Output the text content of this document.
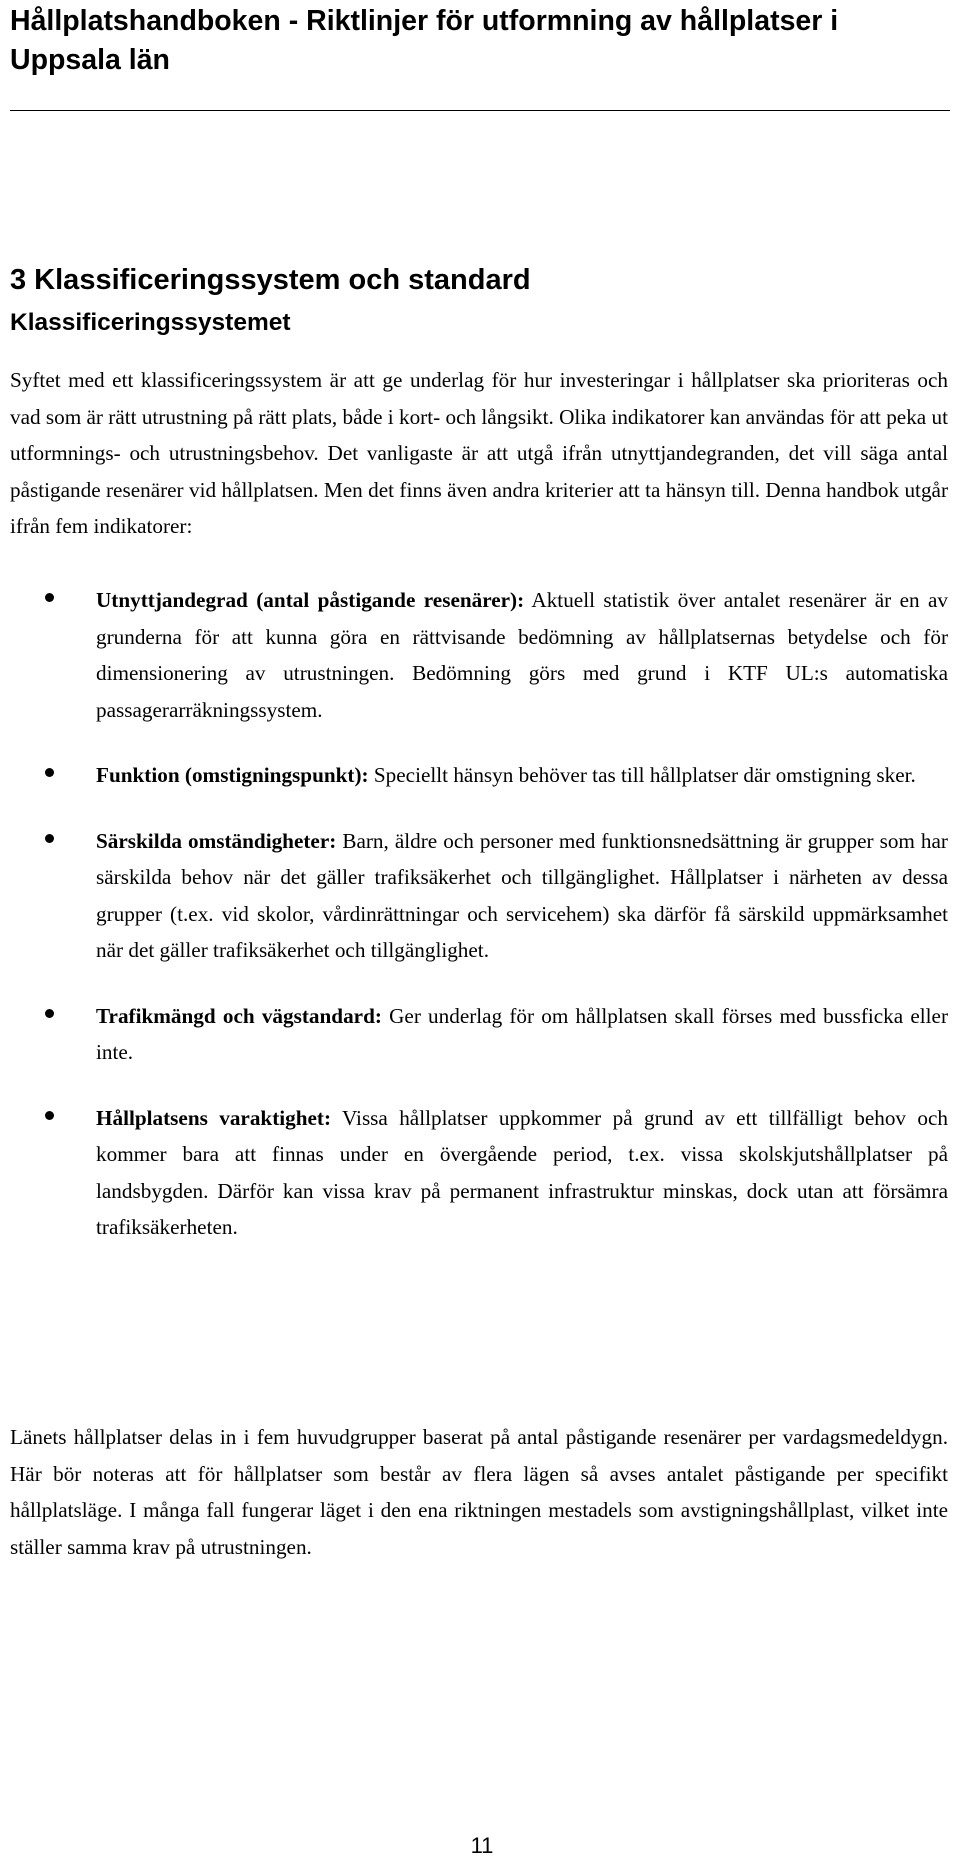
Hållplatshandboken - Riktlinjer för utformning av hållplatser i Uppsala län
3 Klassificeringssystem och standard
Klassificeringssystemet

Syftet med ett klassificeringssystem är att ge underlag för hur investeringar i hållplatser ska prioriteras och vad som är rätt utrustning på rätt plats, både i kort- och långsikt. Olika indikatorer kan användas för att peka ut utformnings- och utrustningsbehov. Det vanligaste är att utgå ifrån utnyttjandegranden, det vill säga antal påstigande resenärer vid hållplatsen. Men det finns även andra kriterier att ta hänsyn till. Denna handbok utgår ifrån fem indikatorer:

Utnyttjandegrad (antal påstigande resenärer): Aktuell statistik över antalet resenärer är en av grunderna för att kunna göra en rättvisande bedömning av hållplatsernas betydelse och för dimensionering av utrustningen. Bedömning görs med grund i KTF UL:s automatiska passagerarräkningssystem.

Funktion (omstigningspunkt): Speciellt hänsyn behöver tas till hållplatser där omstigning sker.

Särskilda omständigheter: Barn, äldre och personer med funktionsnedsättning är grupper som har särskilda behov när det gäller trafiksäkerhet och tillgänglighet. Hållplatser i närheten av dessa grupper (t.ex. vid skolor, vårdinrättningar och servicehem) ska därför få särskild uppmärksamhet när det gäller trafiksäkerhet och tillgänglighet.

Trafikmängd och vägstandard: Ger underlag för om hållplatsen skall förses med bussficka eller inte.

Hållplatsens varaktighet: Vissa hållplatser uppkommer på grund av ett tillfälligt behov och kommer bara att finnas under en övergående period, t.ex. vissa skolskjutshållplatser på landsbygden. Därför kan vissa krav på permanent infrastruktur minskas, dock utan att försämra trafiksäkerheten.

Länets hållplatser delas in i fem huvudgrupper baserat på antal påstigande resenärer per vardagsmedeldygn. Här bör noteras att för hållplatser som består av flera lägen så avses antalet påstigande per specifikt hållplatsläge. I många fall fungerar läget i den ena riktningen mestadels som avstigningshållplast, vilket inte ställer samma krav på utrustningen.

11
